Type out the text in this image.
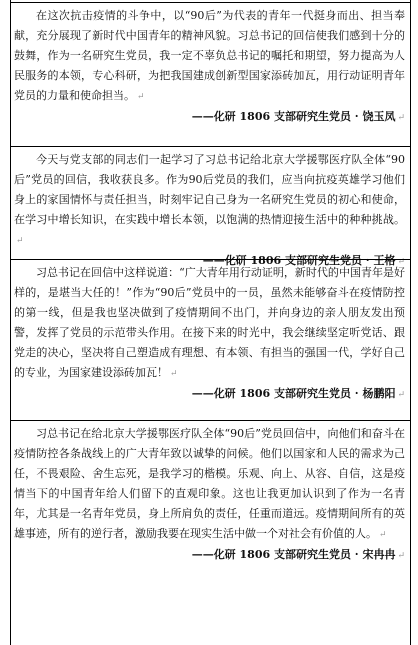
在这次抗击疫情的斗争中，以“90后”为代表的青年一代挺身而出、担当奉献，充分展现了新时代中国青年的精神风貌。习总书记的回信使我们感到十分的鼓舞，作为一名研究生党员，我一定不辜负总书记的嘱托和期望，努力提高为人民服务的本领，专心科研，为把我国建成创新型国家添砖加瓦，用行动证明青年党员的力量和使命担当。 ↵

——化研 1806 支部研究生党员 · 饶玉凤 ↵

今天与党支部的同志们一起学习了习总书记给北京大学援鄂医疗队全体“90后”党员的回信，我收获良多。作为90后党员的我们，应当向抗疫英雄学习他们身上的家国情怀与责任担当，时刻牢记自己身为一名研究生党员的初心和使命，在学习中增长知识，在实践中增长本领，以饱满的热情迎接生活中的种种挑战。↵

——化研 1806 支部研究生党员 · 王格 ↵

习总书记在回信中这样说道：“广大青年用行动证明，新时代的中国青年是好样的，是堪当大任的！”作为“90后”党员中的一员，虽然未能够奋斗在疫情防控的第一线，但是我也坚决做到了疫情期间不出门，并向身边的亲人朋友发出预警，发挥了党员的示范带头作用。在接下来的时光中，我会继续坚定听党话、跟党走的决心，坚决将自己塑造成有理想、有本领、有担当的强国一代，学好自己的专业，为国家建设添砖加瓦！ ↵

——化研 1806 支部研究生党员 · 杨鹏阳 ↵

习总书记在给北京大学援鄂医疗队全体“90后”党员回信中，向他们和奋斗在疫情防控各条战线上的广大青年致以诚挚的问候。他们以国家和人民的需求为己任，不畏艰险、舍生忘死，是我学习的楷模。乐观、向上、从容、自信，这是疫情当下的中国青年给人们留下的直观印象。这也让我更加认识到了作为一名青年，尤其是一名青年党员，身上所肩负的责任，任重而道远。疫情期间所有的英雄事迹，所有的逆行者，激励我要在现实生活中做一个对社会有价值的人。 ↵

——化研 1806 支部研究生党员 · 宋冉冉 ↵
